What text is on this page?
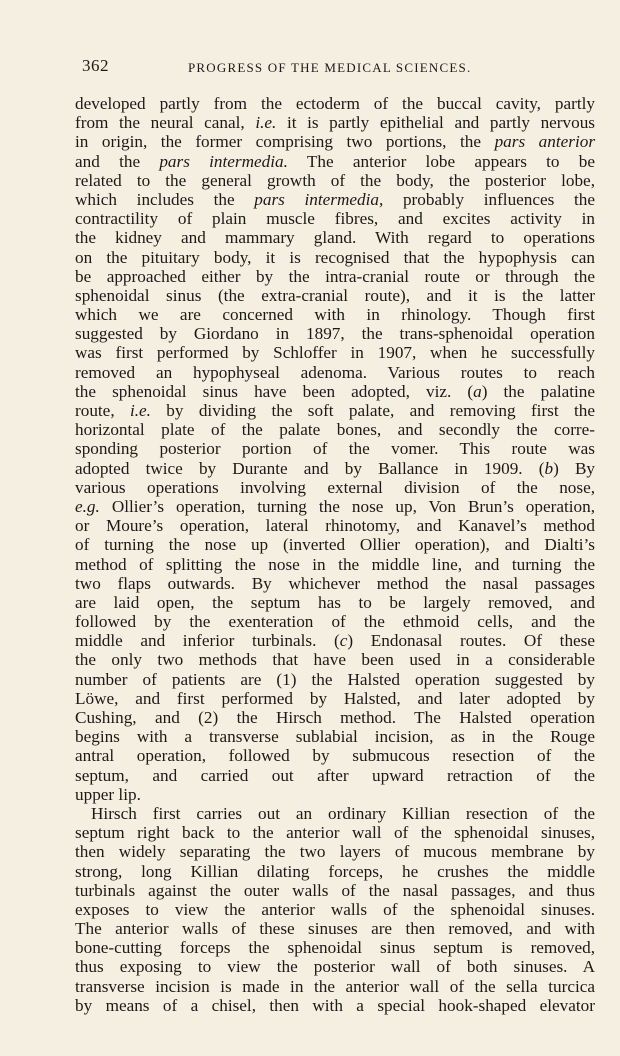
362	PROGRESS OF THE MEDICAL SCIENCES.
developed partly from the ectoderm of the buccal cavity, partly
from the neural canal, i.e. it is partly epithelial and partly nervous
in origin, the former comprising two portions, the pars anterior
and the pars intermedia. The anterior lobe appears to be
related to the general growth of the body, the posterior lobe,
which includes the pars intermedia, probably influences the
contractility of plain muscle fibres, and excites activity in
the kidney and mammary gland. With regard to operations
on the pituitary body, it is recognised that the hypophysis can
be approached either by the intra-cranial route or through the
sphenoidal sinus (the extra-cranial route), and it is the latter
which we are concerned with in rhinology. Though first
suggested by Giordano in 1897, the trans-sphenoidal operation
was first performed by Schloffer in 1907, when he successfully
removed an hypophyseal adenoma. Various routes to reach
the sphenoidal sinus have been adopted, viz. (a) the palatine
route, i.e. by dividing the soft palate, and removing first the
horizontal plate of the palate bones, and secondly the corre-
sponding posterior portion of the vomer. This route was
adopted twice by Durante and by Ballance in 1909. (b) By
various operations involving external division of the nose,
e.g. Ollier’s operation, turning the nose up, Von Brun’s operation,
or Moure’s operation, lateral rhinotomy, and Kanavel’s method
of turning the nose up (inverted Ollier operation), and Dialti’s
method of splitting the nose in the middle line, and turning the
two flaps outwards. By whichever method the nasal passages
are laid open, the septum has to be largely removed, and
followed by the exenteration of the ethmoid cells, and the
middle and inferior turbinals. (c) Endonasal routes. Of these
the only two methods that have been used in a considerable
number of patients are (1) the Halsted operation suggested by
Löwe, and first performed by Halsted, and later adopted by
Cushing, and (2) the Hirsch method. The Halsted operation
begins with a transverse sublabial incision, as in the Rouge
antral operation, followed by submucous resection of the
septum, and carried out after upward retraction of the
upper lip.
Hirsch first carries out an ordinary Killian resection of the
septum right back to the anterior wall of the sphenoidal sinuses,
then widely separating the two layers of mucous membrane by
strong, long Killian dilating forceps, he crushes the middle
turbinals against the outer walls of the nasal passages, and thus
exposes to view the anterior walls of the sphenoidal sinuses.
The anterior walls of these sinuses are then removed, and with
bone-cutting forceps the sphenoidal sinus septum is removed,
thus exposing to view the posterior wall of both sinuses. A
transverse incision is made in the anterior wall of the sella turcica
by means of a chisel, then with a special hook-shaped elevator
